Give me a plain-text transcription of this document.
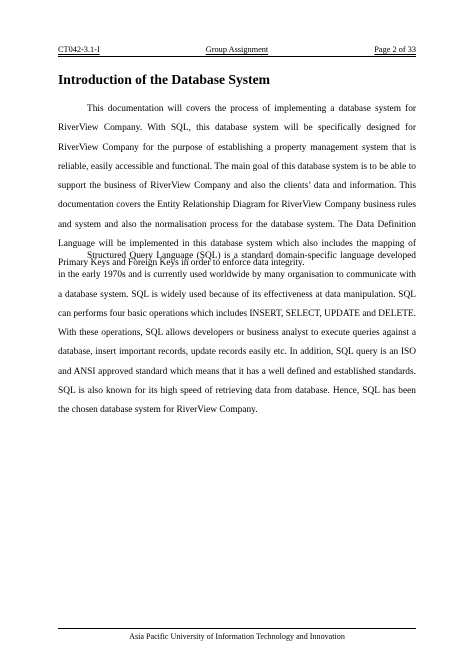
CT042-3.1-I	Group Assignment	Page 2 of 33
Introduction of the Database System

This documentation will covers the process of implementing a database system for RiverView Company. With SQL, this database system will be specifically designed for RiverView Company for the purpose of establishing a property management system that is reliable, easily accessible and functional. The main goal of this database system is to be able to support the business of RiverView Company and also the clients’ data and information. This documentation covers the Entity Relationship Diagram for RiverView Company business rules and system and also the normalisation process for the database system. The Data Definition Language will be implemented in this database system which also includes the mapping of Primary Keys and Foreign Keys in order to enforce data integrity.

Structured Query Language (SQL) is a standard domain-specific language developed in the early 1970s and is currently used worldwide by many organisation to communicate with a database system. SQL is widely used because of its effectiveness at data manipulation. SQL can performs four basic operations which includes INSERT, SELECT, UPDATE and DELETE. With these operations, SQL allows developers or business analyst to execute queries against a database, insert important records, update records easily etc. In addition, SQL query is an ISO and ANSI approved standard which means that it has a well defined and established standards. SQL is also known for its high speed of retrieving data from database. Hence, SQL has been the chosen database system for RiverView Company.

Asia Pacific University of Information Technology and Innovation
